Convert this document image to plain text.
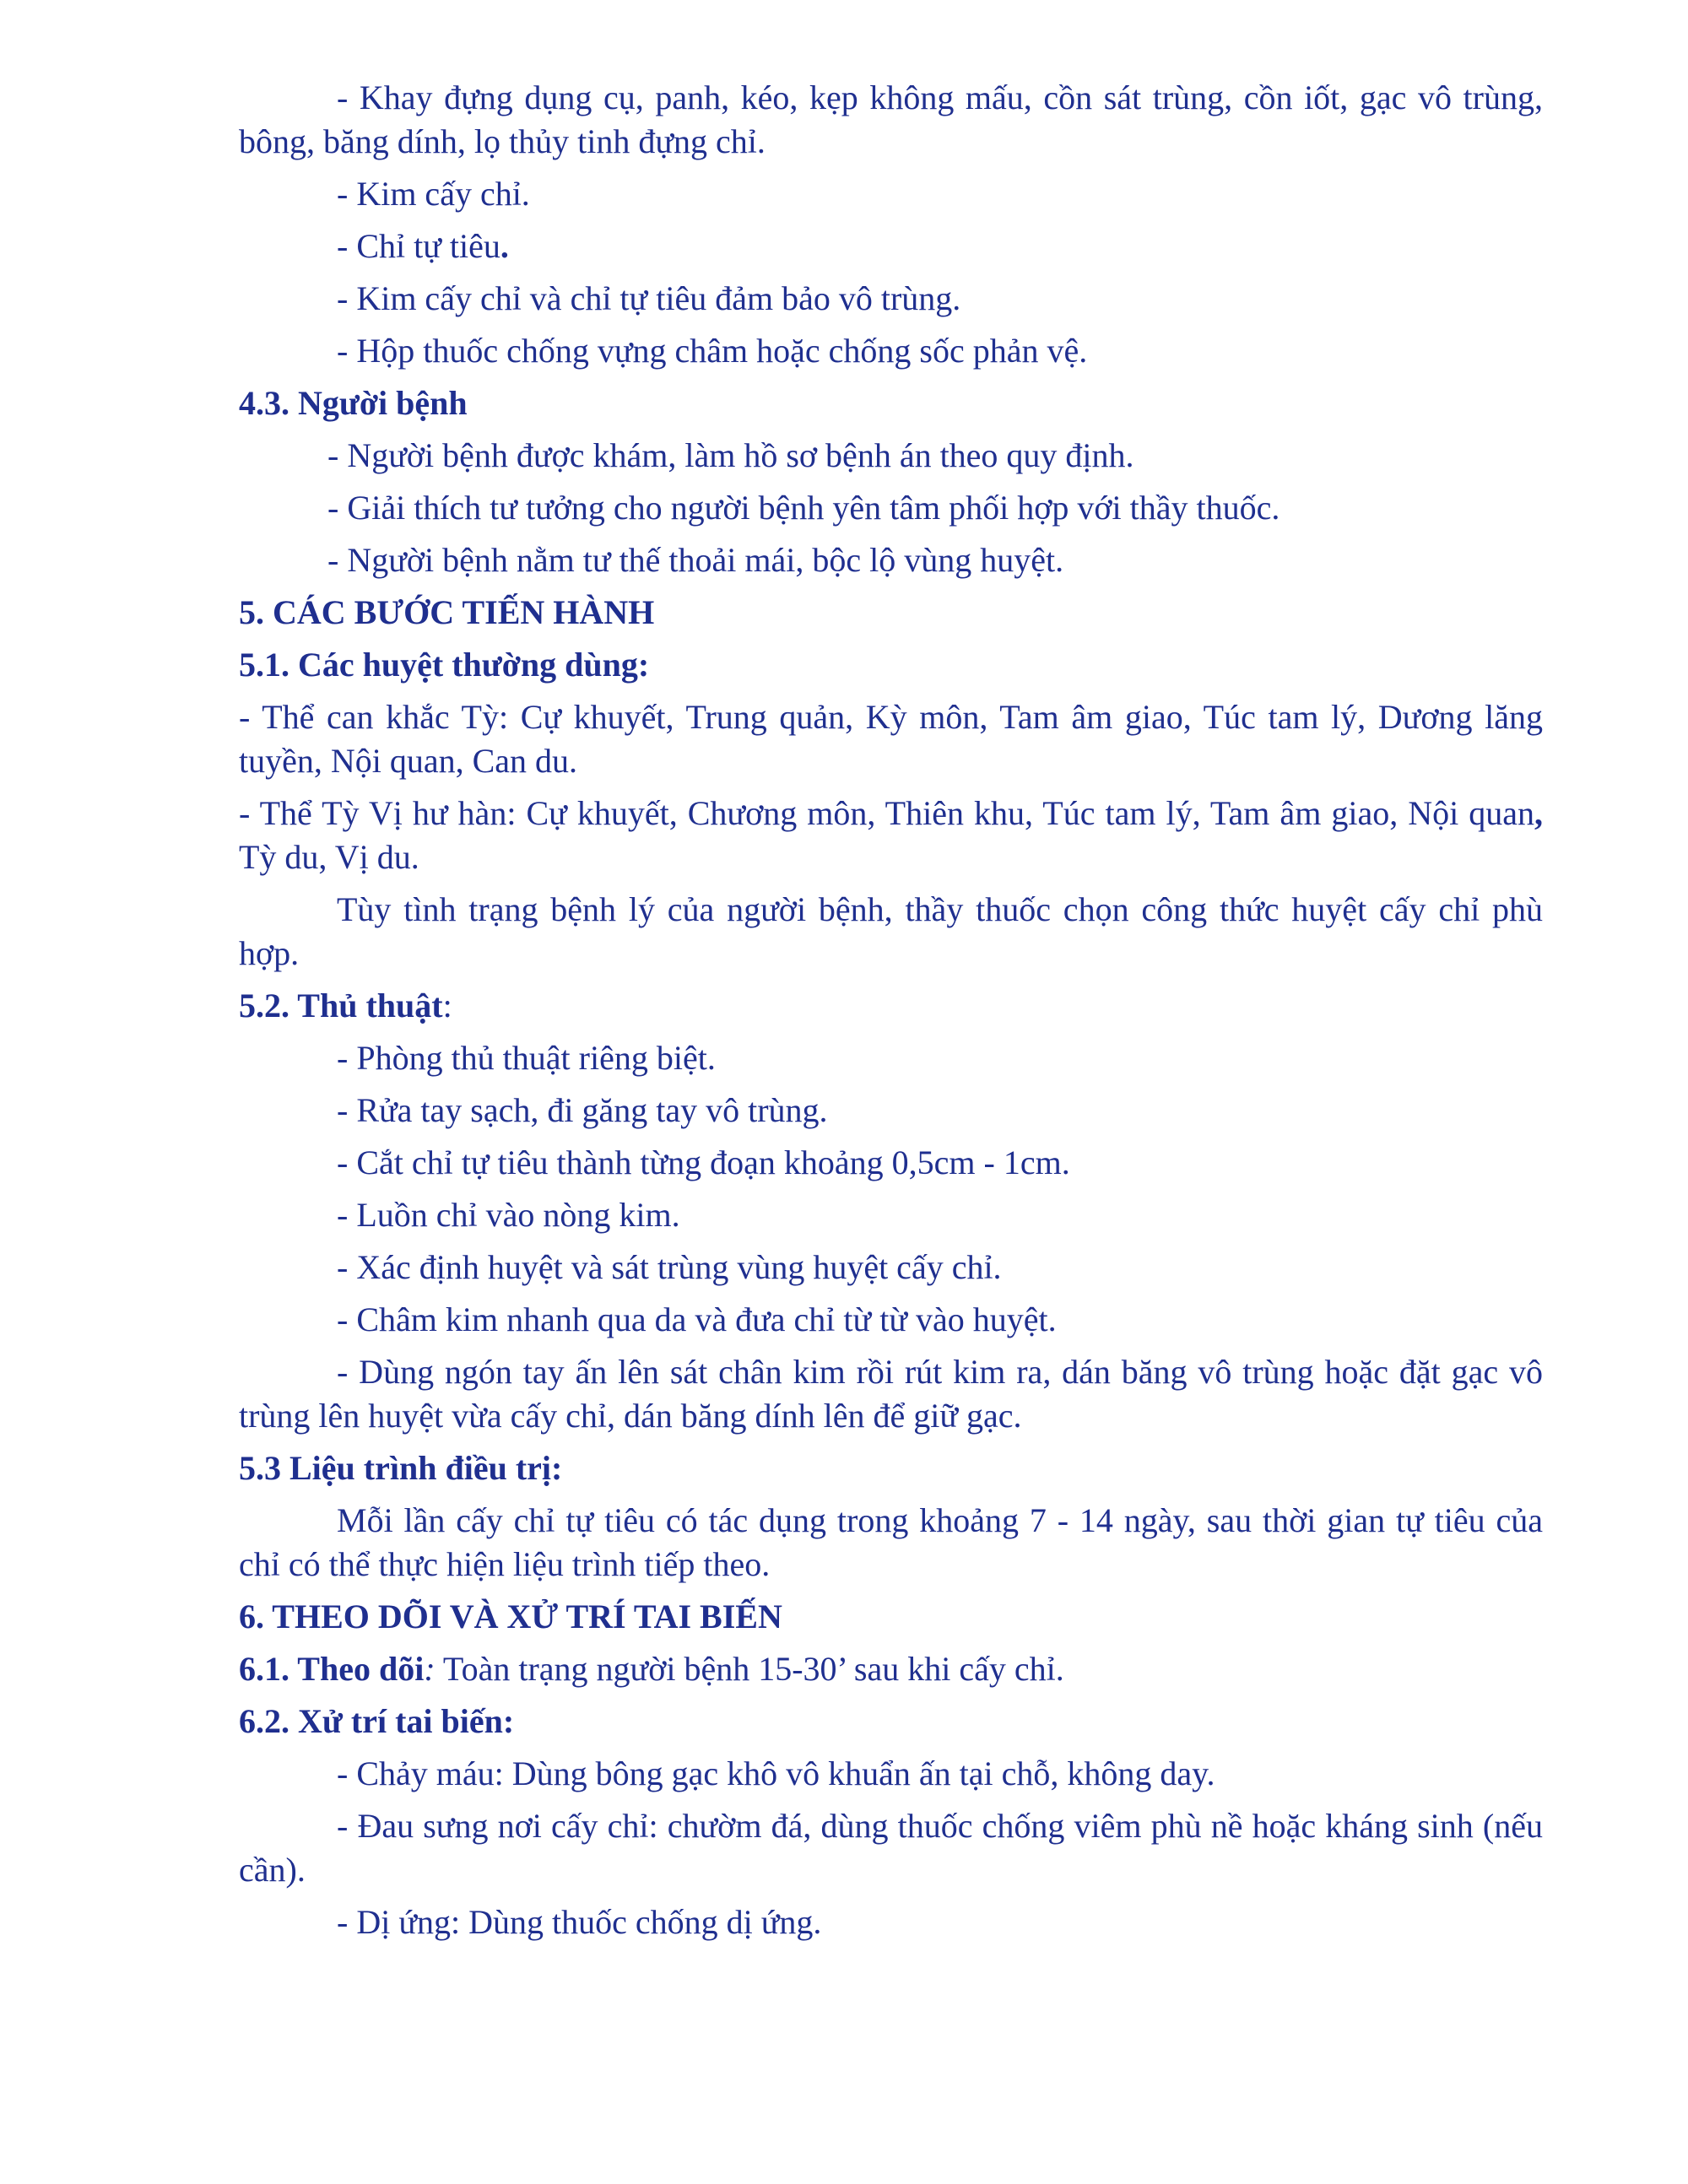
- Khay đựng dụng cụ, panh, kéo, kẹp không mấu, cồn sát trùng, cồn iốt, gạc vô trùng, bông, băng dính, lọ thủy tinh đựng chỉ.

- Kim cấy chỉ.

- Chỉ tự tiêu.

- Kim cấy chỉ và chỉ tự tiêu đảm bảo vô trùng.

- Hộp thuốc chống vựng châm hoặc chống sốc phản vệ.

4.3. Người bệnh

- Người bệnh được khám, làm hồ sơ bệnh án theo quy định.

- Giải thích tư tưởng cho người bệnh yên tâm phối hợp với thầy thuốc.

- Người bệnh nằm tư thế thoải mái, bộc lộ vùng huyệt.

5. CÁC BƯỚC TIẾN HÀNH

5.1. Các huyệt thường dùng:

- Thể can khắc Tỳ: Cự khuyết, Trung quản, Kỳ môn, Tam âm giao, Túc tam lý, Dương lăng tuyền, Nội quan, Can du.

- Thể Tỳ Vị hư hàn: Cự khuyết, Chương môn, Thiên khu, Túc tam lý, Tam âm giao, Nội quan, Tỳ du, Vị du.

Tùy tình trạng bệnh lý của người bệnh, thầy thuốc chọn công thức huyệt cấy chỉ phù hợp.

5.2. Thủ thuật:

- Phòng thủ thuật riêng biệt.

- Rửa tay sạch, đi găng tay vô trùng.

- Cắt chỉ tự tiêu thành từng đoạn khoảng 0,5cm - 1cm.

- Luồn chỉ vào nòng kim.

- Xác định huyệt và sát trùng vùng huyệt cấy chỉ.

- Châm kim nhanh qua da và đưa chỉ từ từ vào huyệt.

- Dùng ngón tay ấn lên sát chân kim rồi rút kim ra, dán băng vô trùng hoặc đặt gạc vô trùng lên huyệt vừa cấy chỉ, dán băng dính lên để giữ gạc.

5.3 Liệu trình điều trị:

Mỗi lần cấy chỉ tự tiêu có tác dụng trong khoảng 7 - 14 ngày, sau thời gian tự tiêu của chỉ có thể thực hiện liệu trình tiếp theo.

6. THEO DÕI VÀ XỬ TRÍ TAI BIẾN

6.1. Theo dõi: Toàn trạng người bệnh 15-30’ sau khi cấy chỉ.

6.2. Xử trí tai biến:

- Chảy máu: Dùng bông gạc khô vô khuẩn ấn tại chỗ, không day.

- Đau sưng nơi cấy chỉ: chườm đá, dùng thuốc chống viêm phù nề hoặc kháng sinh (nếu cần).

- Dị ứng: Dùng thuốc chống dị ứng.
